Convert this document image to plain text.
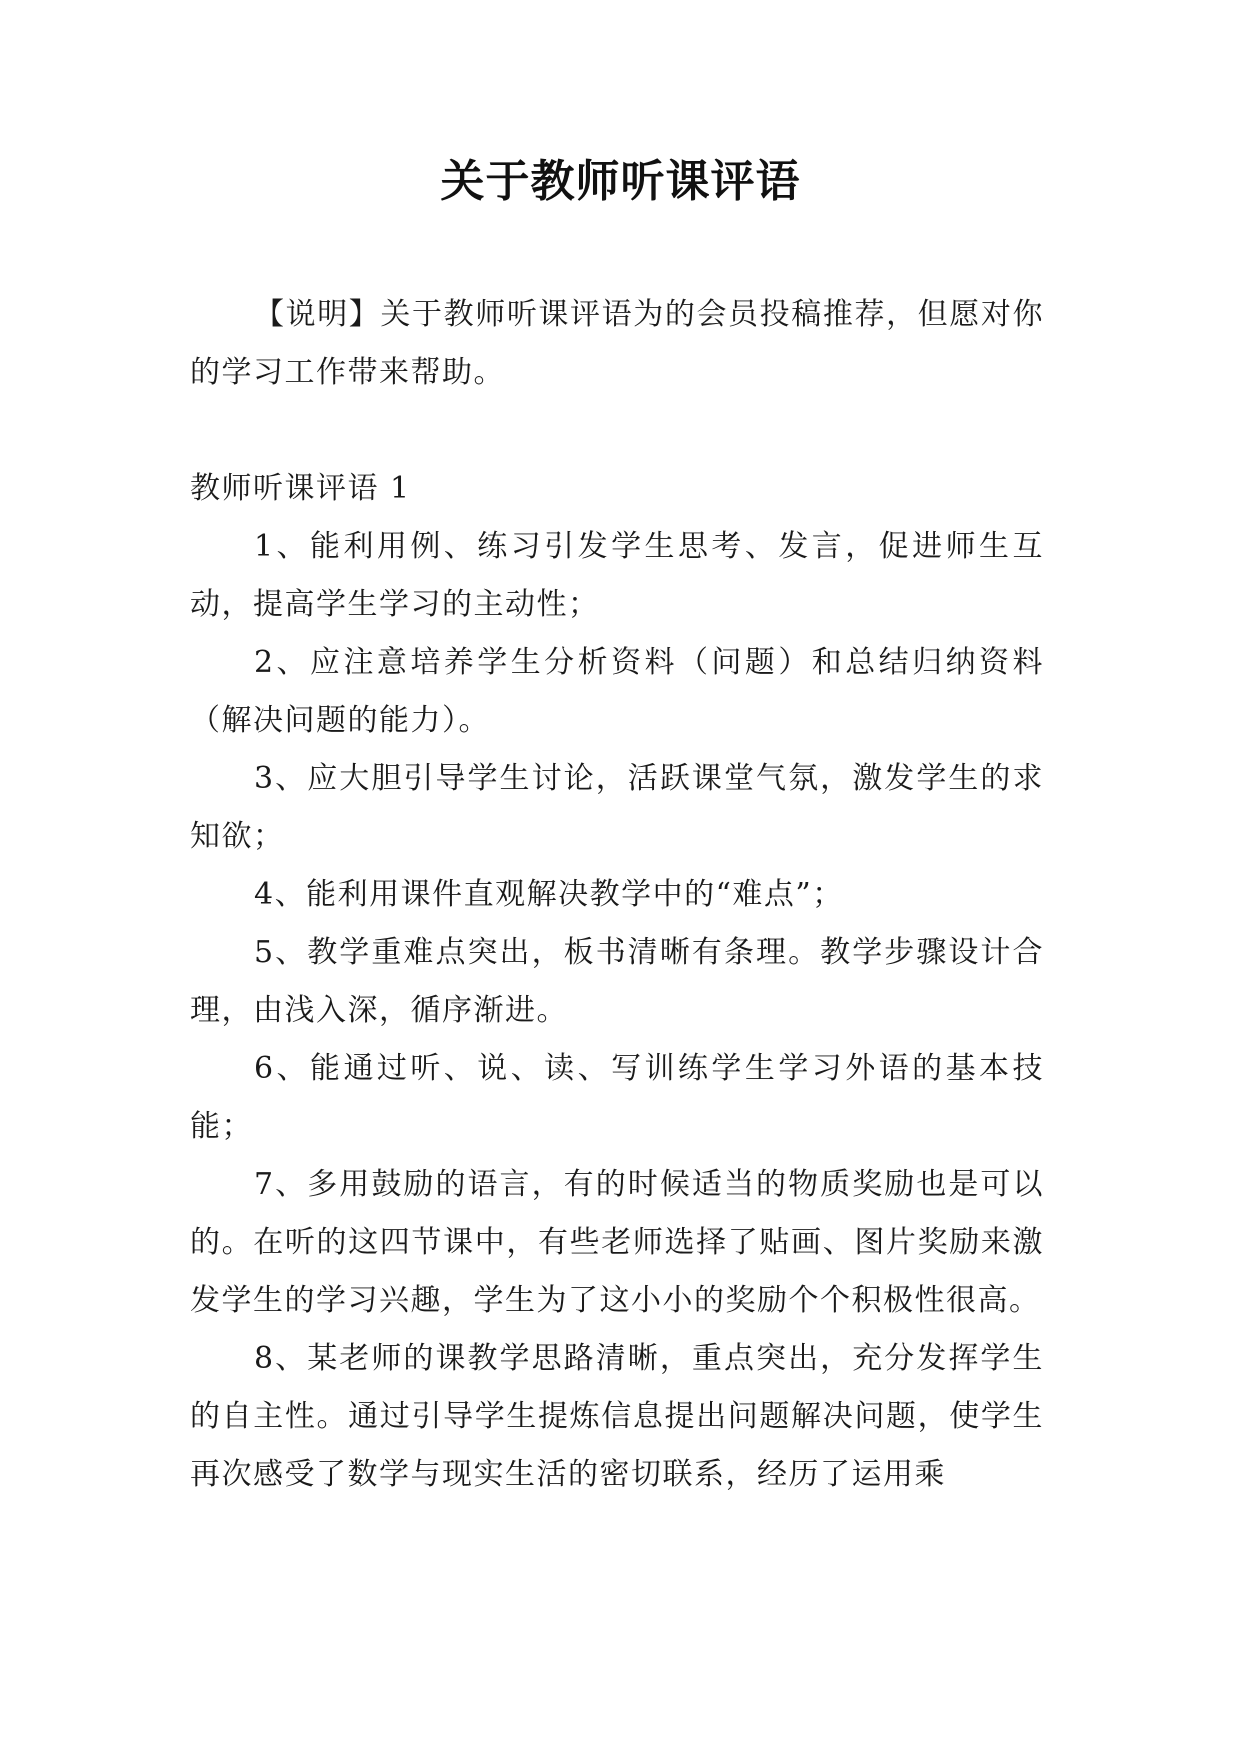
关于教师听课评语

【说明】关于教师听课评语为的会员投稿推荐，但愿对你的学习工作带来帮助。

教师听课评语 1

1、能利用例、练习引发学生思考、发言，促进师生互动，提高学生学习的主动性；

2、应注意培养学生分析资料（问题）和总结归纳资料（解决问题的能力）。

3、应大胆引导学生讨论，活跃课堂气氛，激发学生的求知欲；

4、能利用课件直观解决教学中的“难点”；

5、教学重难点突出，板书清晰有条理。教学步骤设计合理，由浅入深，循序渐进。

6、能通过听、说、读、写训练学生学习外语的基本技能；

7、多用鼓励的语言，有的时候适当的物质奖励也是可以的。在听的这四节课中，有些老师选择了贴画、图片奖励来激发学生的学习兴趣，学生为了这小小的奖励个个积极性很高。

8、某老师的课教学思路清晰，重点突出，充分发挥学生的自主性。通过引导学生提炼信息提出问题解决问题，使学生再次感受了数学与现实生活的密切联系，经历了运用乘
